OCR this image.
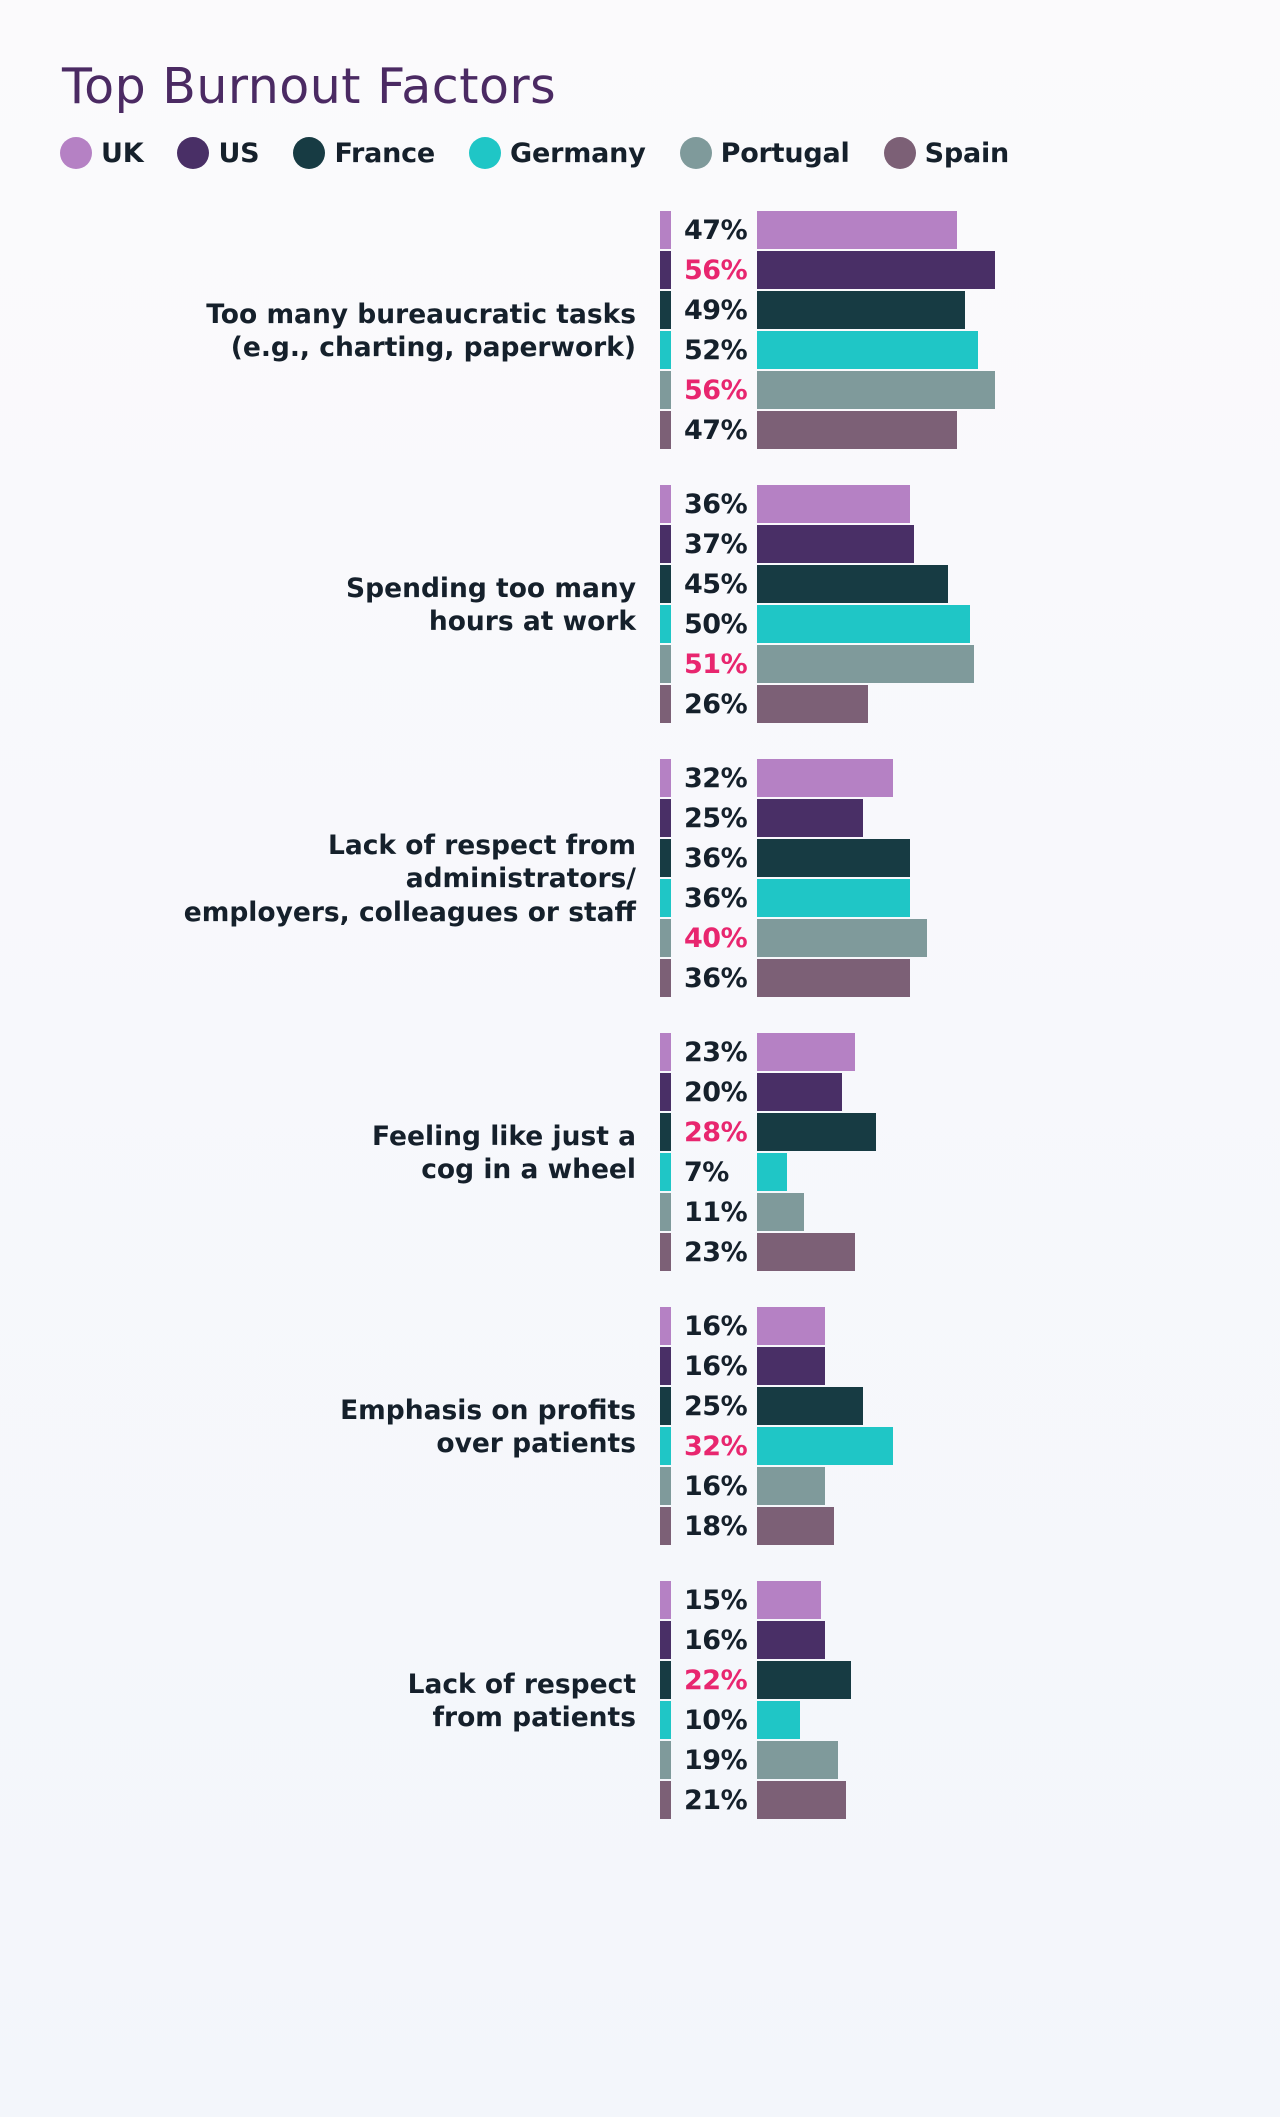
Top Burnout Factors
UK	US	France	Germany	Portugal	Spain
Too many bureaucratic tasks
(e.g., charting, paperwork)
47%
56%
49%
52%
56%
47%
Spending too many
hours at work
36%
37%
45%
50%
51%
26%
Lack of respect from
administrators/
employers, colleagues or staff
32%
25%
36%
36%
40%
36%
Feeling like just a
cog in a wheel
23%
20%
28%
7%
11%
23%
Emphasis on profits
over patients
16%
16%
25%
32%
16%
18%
Lack of respect
from patients
15%
16%
22%
10%
19%
21%
